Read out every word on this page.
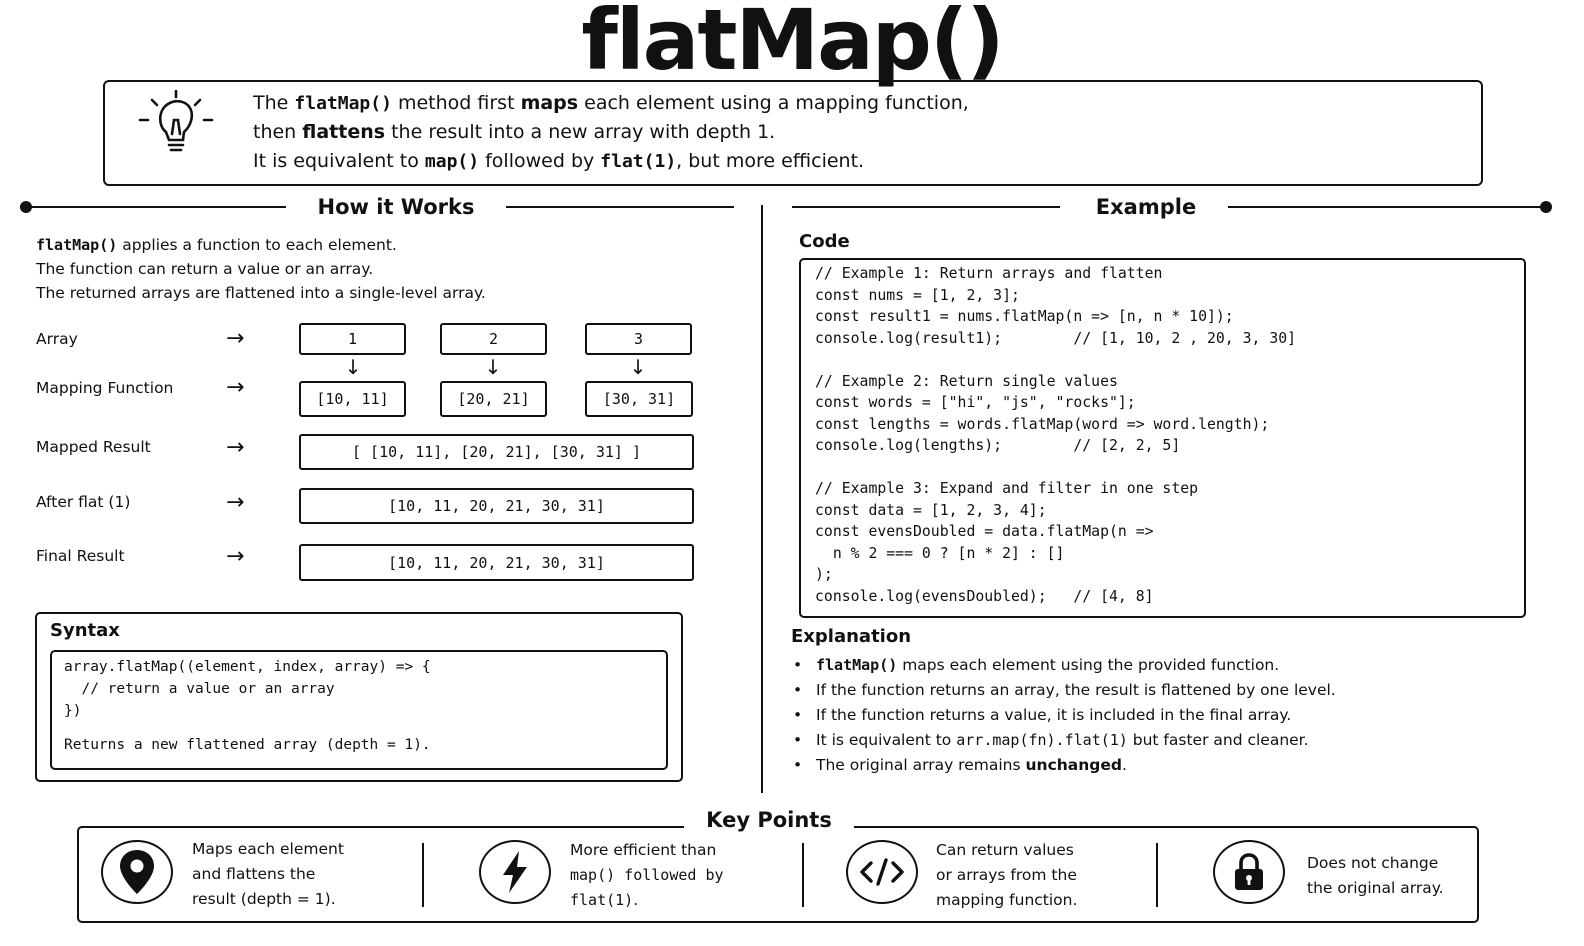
flatMap()
The flatMap() method first maps each element using a mapping function,
then flattens the result into a new array with depth 1.
It is equivalent to map() followed by flat(1), but more efficient.
How it Works	Example
flatMap() applies a function to each element.
The function can return a value or an array.
The returned arrays are flattened into a single-level array.
Array	→	1	2	3
↓	↓	↓
Mapping Function →	[10, 11]	[20, 21]	[30, 31]
Mapped Result	→	[ [10, 11], [20, 21], [30, 31] ]
After flat (1)	→	[10, 11, 20, 21, 30, 31]
Final Result	→	[10, 11, 20, 21, 30, 31]
Syntax
array.flatMap((element, index, array) => {
// return a value or an array
})
Returns a new flattened array (depth = 1).
Code
// Example 1: Return arrays and flatten
const nums = [1, 2, 3];
const result1 = nums.flatMap(n => [n, n * 10]);
console.log(result1);        // [1, 10, 2 , 20, 3, 30]
// Example 2: Return single values
const words = ["hi", "js", "rocks"];
const lengths = words.flatMap(word => word.length);
console.log(lengths);        // [2, 2, 5]
// Example 3: Expand and filter in one step
const data = [1, 2, 3, 4];
const evensDoubled = data.flatMap(n =>
n % 2 === 0 ? [n * 2] : []
);
console.log(evensDoubled);   // [4, 8]
Explanation
• flatMap() maps each element using the provided function.
• If the function returns an array, the result is flattened by one level.
• If the function returns a value, it is included in the final array.
• It is equivalent to arr.map(fn).flat(1) but faster and cleaner.
• The original array remains unchanged.
Key Points
Maps each element
and flattens the
result (depth = 1).
More efficient than
map() followed by
flat(1).
Can return values
or arrays from the
mapping function.
Does not change
the original array.
